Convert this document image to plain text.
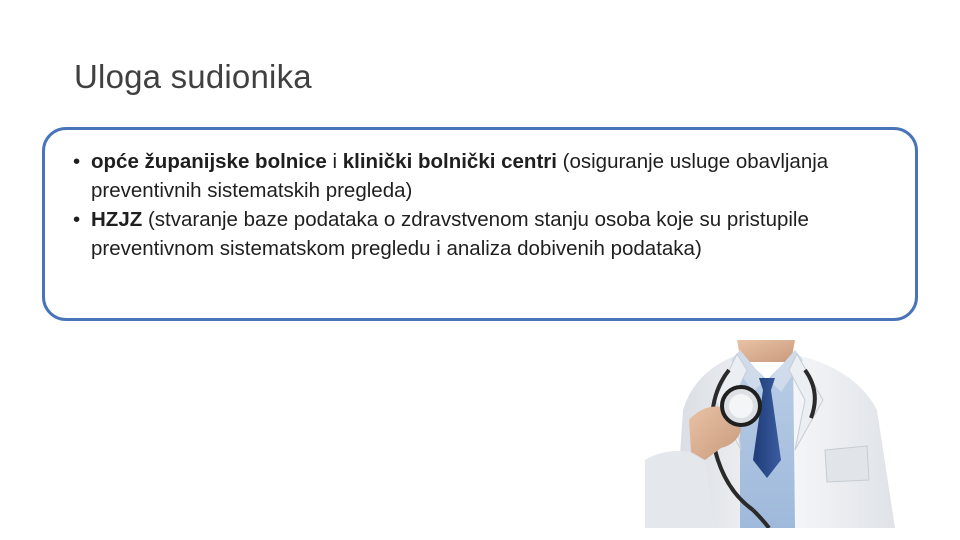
Uloga sudionika
• opće županijske bolnice i klinički bolnički centri (osiguranje usluge obavljanja preventivnih sistematskih pregleda)
• HZJZ (stvaranje baze podataka o zdravstvenom stanju osoba koje su pristupile preventivnom sistematskom pregledu i analiza dobivenih podataka)
